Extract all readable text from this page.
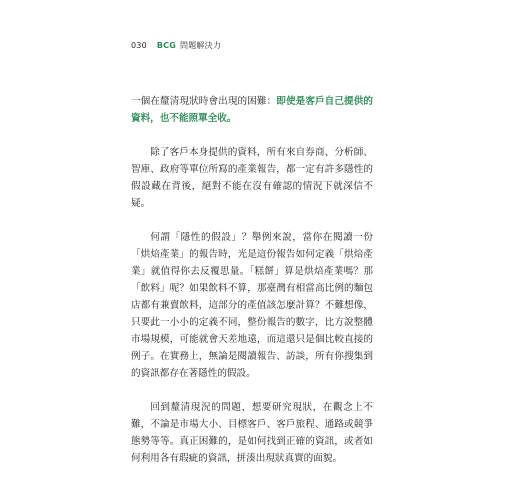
030 BCG 問題解決力

一個在釐清現狀時會出現的困難：即使是客戶自己提供的資料，也不能照單全收。

除了客戶本身提供的資料，所有來自券商、分析師、智庫、政府等單位所寫的產業報告，都一定有許多隱性的假設藏在背後，絕對不能在沒有確認的情況下就深信不疑。

何謂「隱性的假設」？舉例來說，當你在閱讀一份「烘焙產業」的報告時，光是這份報告如何定義「烘焙產業」就值得你去反覆思量。「糕餅」算是烘焙產業嗎？那「飲料」呢？如果飲料不算，那臺灣有相當高比例的麵包店都有兼賣飲料，這部分的產值該怎麼計算？不難想像，只要此一小小的定義不同，整份報告的數字，比方說整體市場規模，可能就會天差地遠，而這還只是個比較直接的例子。在實務上，無論是閱讀報告、訪談，所有你搜集到的資訊都存在著隱性的假設。

回到釐清現況的問題，想要研究現狀，在觀念上不難，不論是市場大小、目標客戶、客戶旅程、通路或競爭態勢等等。真正困難的，是如何找到正確的資訊，或者如何利用各有瑕疵的資訊，拼湊出現狀真實的面貌。
